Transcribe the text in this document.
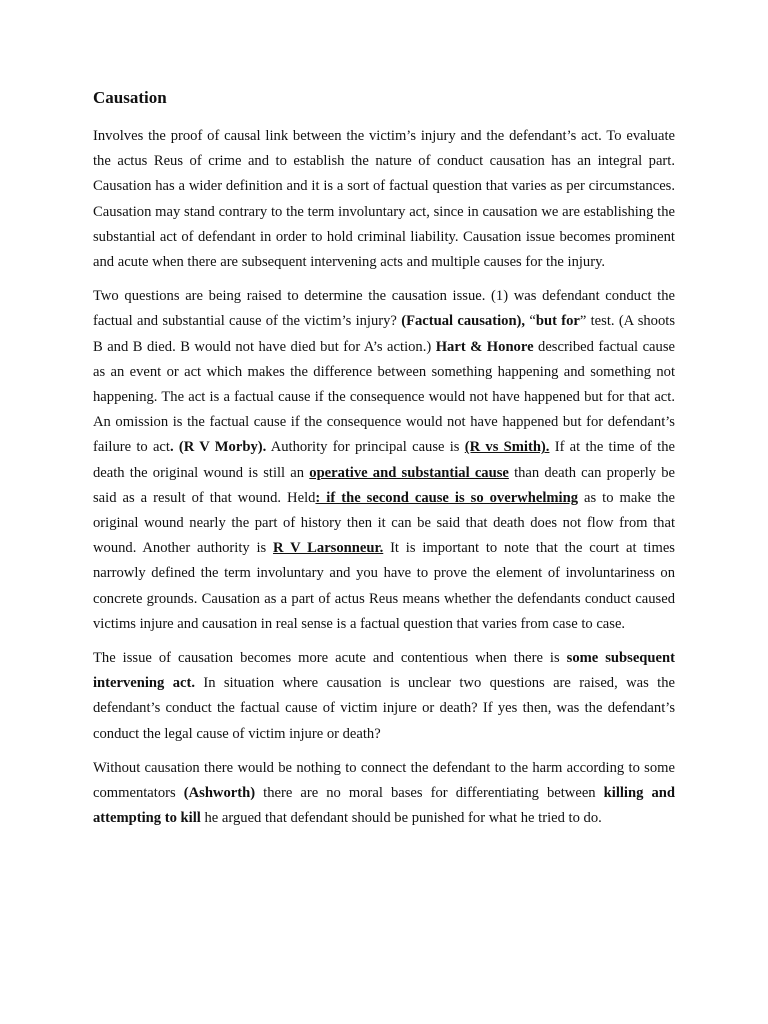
Causation

Involves the proof of causal link between the victim’s injury and the defendant’s act. To evaluate the actus Reus of crime and to establish the nature of conduct causation has an integral part. Causation has a wider definition and it is a sort of factual question that varies as per circumstances. Causation may stand contrary to the term involuntary act, since in causation we are establishing the substantial act of defendant in order to hold criminal liability. Causation issue becomes prominent and acute when there are subsequent intervening acts and multiple causes for the injury.

Two questions are being raised to determine the causation issue. (1) was defendant conduct the factual and substantial cause of the victim’s injury? (Factual causation), “but for” test. (A shoots B and B died. B would not have died but for A’s action.) Hart & Honore described factual cause as an event or act which makes the difference between something happening and something not happening. The act is a factual cause if the consequence would not have happened but for that act. An omission is the factual cause if the consequence would not have happened but for defendant’s failure to act. (R V Morby). Authority for principal cause is (R vs Smith). If at the time of the death the original wound is still an operative and substantial cause than death can properly be said as a result of that wound. Held: if the second cause is so overwhelming as to make the original wound nearly the part of history then it can be said that death does not flow from that wound. Another authority is R V Larsonneur. It is important to note that the court at times narrowly defined the term involuntary and you have to prove the element of involuntariness on concrete grounds. Causation as a part of actus Reus means whether the defendants conduct caused victims injure and causation in real sense is a factual question that varies from case to case.

The issue of causation becomes more acute and contentious when there is some subsequent intervening act. In situation where causation is unclear two questions are raised, was the defendant’s conduct the factual cause of victim injure or death? If yes then, was the defendant’s conduct the legal cause of victim injure or death?

Without causation there would be nothing to connect the defendant to the harm according to some commentators (Ashworth) there are no moral bases for differentiating between killing and attempting to kill he argued that defendant should be punished for what he tried to do.
